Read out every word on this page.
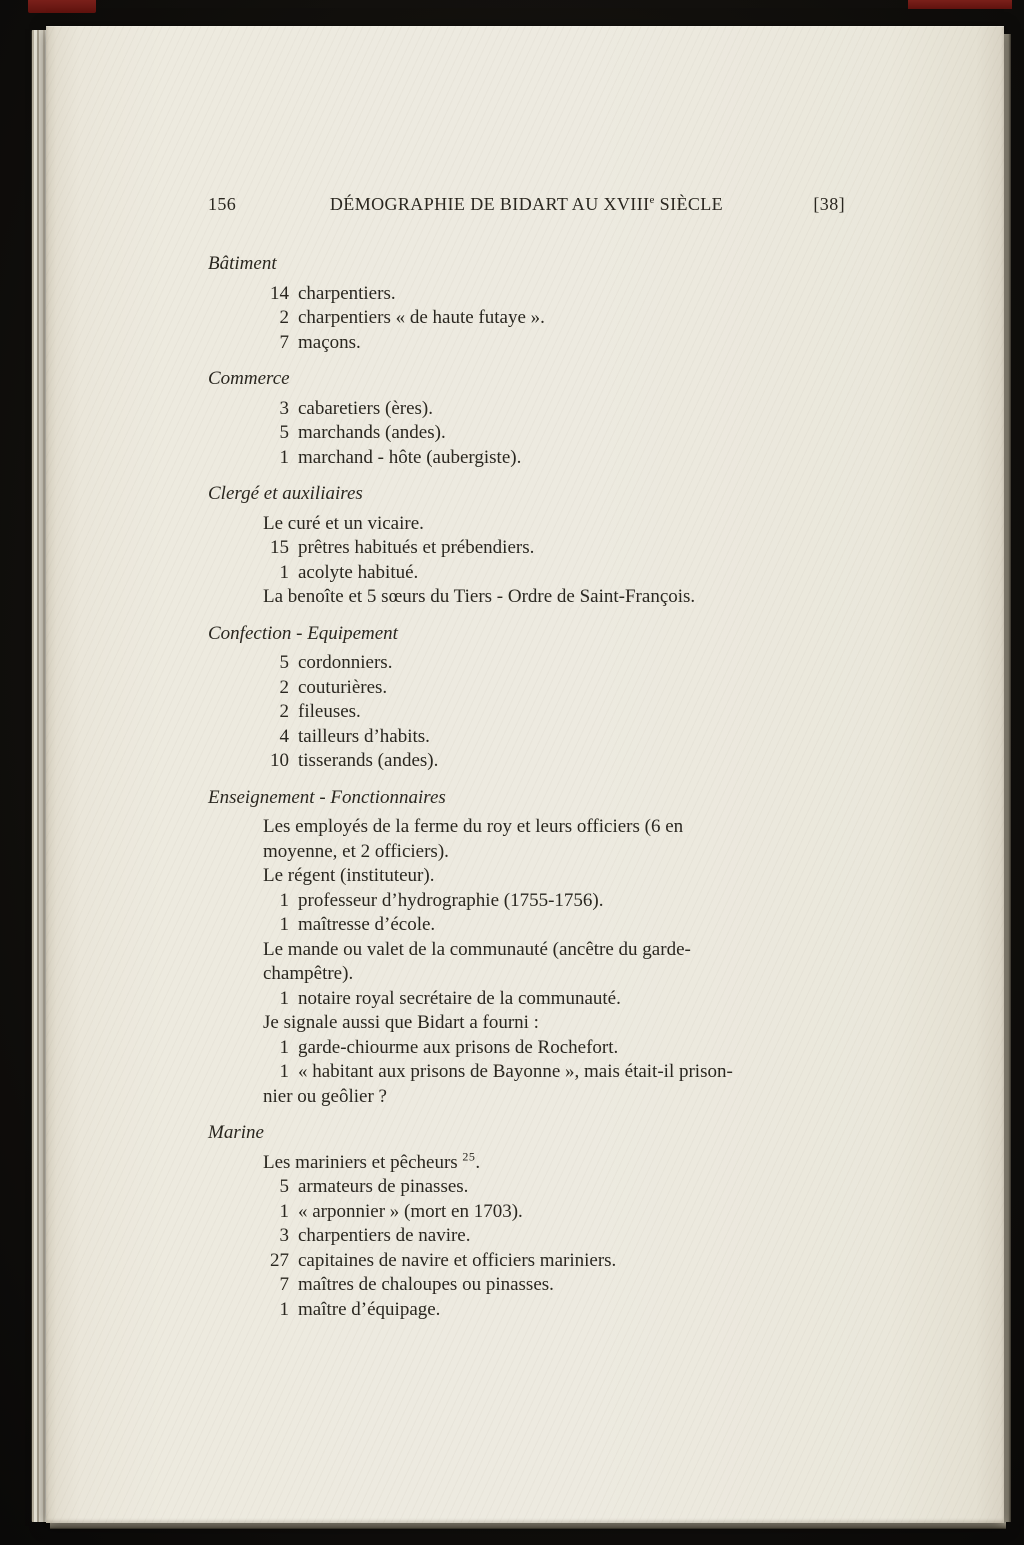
156	DÉMOGRAPHIE DE BIDART AU XVIIIe SIÈCLE	[38]
Bâtiment
14 charpentiers.
2 charpentiers « de haute futaye ».
7 maçons.
Commerce
3 cabaretiers (ères).
5 marchands (andes).
1 marchand - hôte (aubergiste).
Clergé et auxiliaires
Le curé et un vicaire.
15 prêtres habitués et prébendiers.
1 acolyte habitué.
La benoîte et 5 sœurs du Tiers - Ordre de Saint-François.
Confection - Equipement
5 cordonniers.
2 couturières.
2 fileuses.
4 tailleurs d’habits.
10 tisserands (andes).
Enseignement - Fonctionnaires
Les employés de la ferme du roy et leurs officiers (6 en
moyenne, et 2 officiers).
Le régent (instituteur).
1 professeur d’hydrographie (1755-1756).
1 maîtresse d’école.
Le mande ou valet de la communauté (ancêtre du garde-
champêtre).
1 notaire royal secrétaire de la communauté.
Je signale aussi que Bidart a fourni :
1 garde-chiourme aux prisons de Rochefort.
1 « habitant aux prisons de Bayonne », mais était-il prison-
nier ou geôlier ?
Marine
Les mariniers et pêcheurs $^{25}$.
5 armateurs de pinasses.
1 « arponnier » (mort en 1703).
3 charpentiers de navire.
27 capitaines de navire et officiers mariniers.
7 maîtres de chaloupes ou pinasses.
1 maître d’équipage.
